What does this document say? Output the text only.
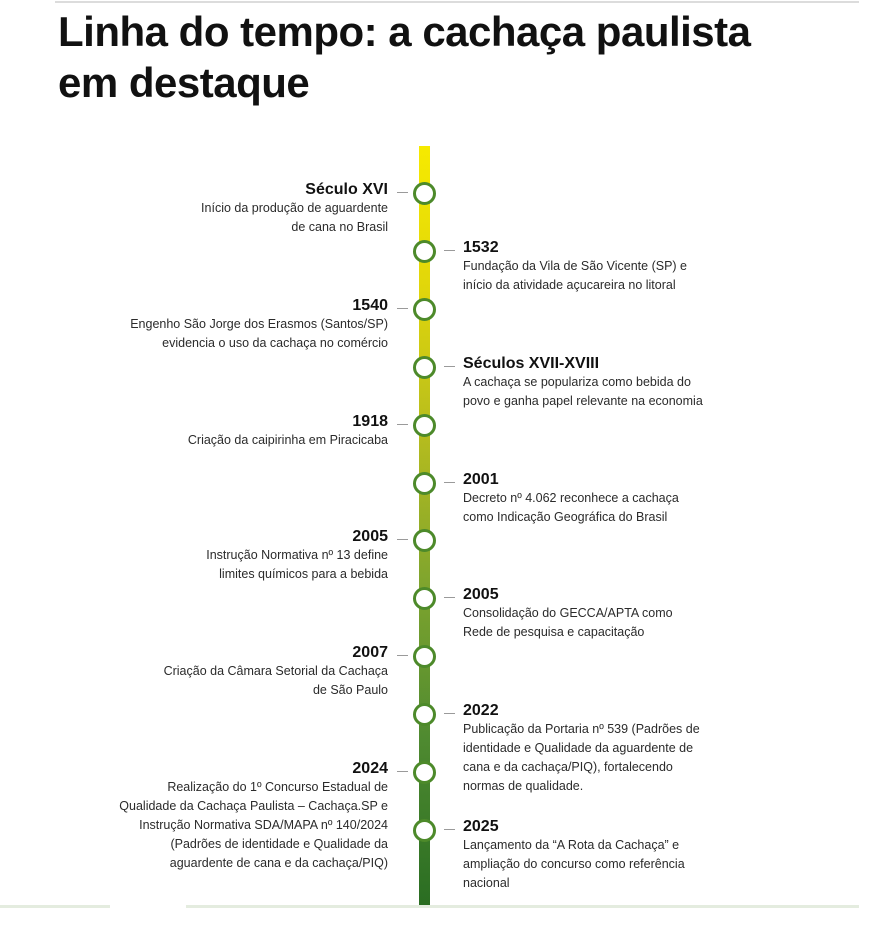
Linha do tempo: a cachaça paulista em destaque
Século XVI
Início da produção de aguardente
de cana no Brasil
1532
Fundação da Vila de São Vicente (SP) e
início da atividade açucareira no litoral
1540
Engenho São Jorge dos Erasmos (Santos/SP)
evidencia o uso da cachaça no comércio
Séculos XVII-XVIII
A cachaça se populariza como bebida do
povo e ganha papel relevante na economia
1918
Criação da caipirinha em Piracicaba
2001
Decreto nº 4.062 reconhece a cachaça
como Indicação Geográfica do Brasil
2005
Instrução Normativa nº 13 define
limites químicos para a bebida
2005
Consolidação do GECCA/APTA como
Rede de pesquisa e capacitação
2007
Criação da Câmara Setorial da Cachaça
de São Paulo
2022
Publicação da Portaria nº 539 (Padrões de
identidade e Qualidade da aguardente de
cana e da cachaça/PIQ), fortalecendo
normas de qualidade.
2024
Realização do 1º Concurso Estadual de
Qualidade da Cachaça Paulista – Cachaça.SP e
Instrução Normativa SDA/MAPA nº 140/2024
(Padrões de identidade e Qualidade da
aguardente de cana e da cachaça/PIQ)
2025
Lançamento da “A Rota da Cachaça” e
ampliação do concurso como referência
nacional
